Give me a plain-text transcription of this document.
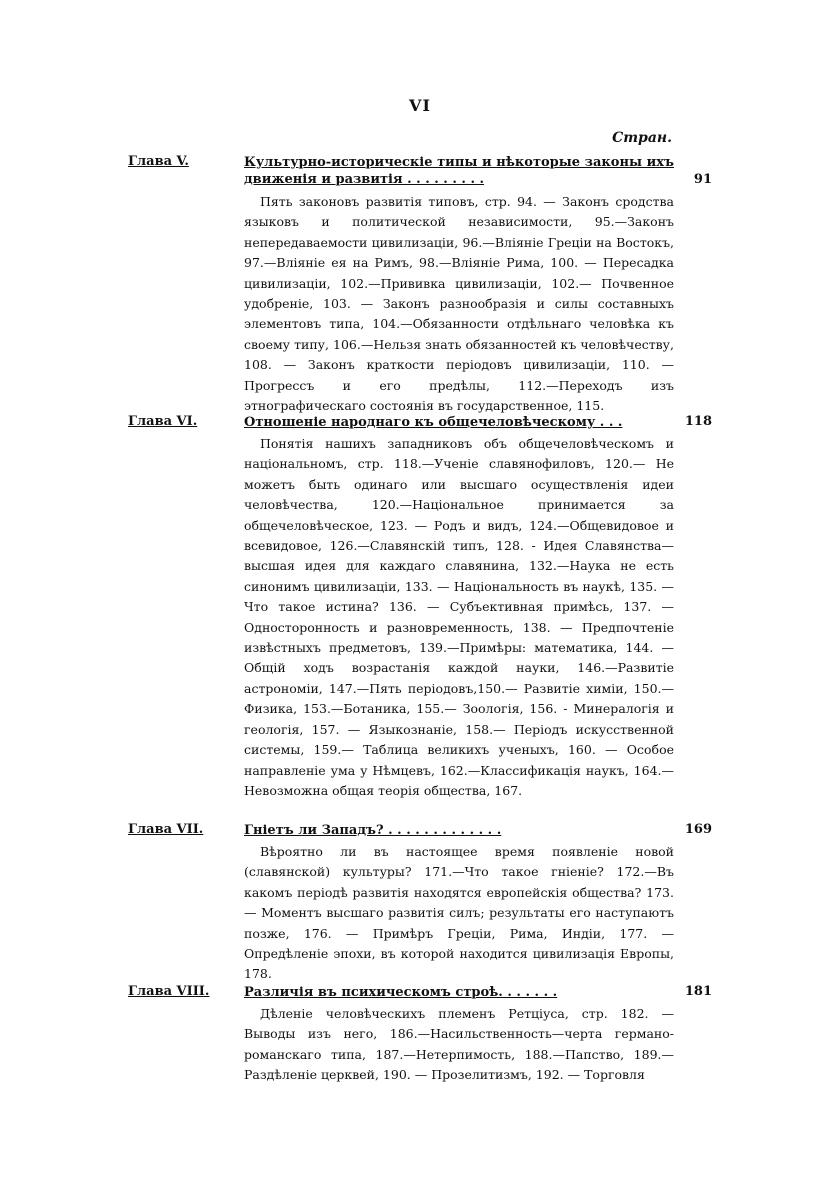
VI
Стран.
Глава V.	Культурно-историческіе типы и нѣкоторые законы ихъ движенія и развитія . . . . . . . . .	91
Пять законовъ развитія типовъ, стр. 94. — Законъ сродства языковъ и политической независимости, 95.—Законъ непередаваемости цивилизаціи, 96.—Вліяніе Греціи на Востокъ, 97.—Вліяніе ея на Римъ, 98.—Вліяніе Рима, 100. — Пересадка цивилизаціи, 102.—Прививка цивилизаціи, 102.— Почвенное удобреніе, 103. — Законъ разнообразія и силы составныхъ элементовъ типа, 104.—Обязанности отдѣльнаго человѣка къ своему типу, 106.—Нельзя знать обязанностей къ человѣчеству, 108. — Законъ краткости періодовъ цивилизаціи, 110. — Прогрессъ и его предѣлы, 112.—Переходъ изъ этнографическаго состоянія въ государственное, 115.
Глава VI.	Отношеніе народнаго къ общечеловѣческому . . .	118
Понятія нашихъ западниковъ объ общечеловѣческомъ и національномъ, стр. 118.—Ученіе славянофиловъ, 120.— Не можетъ быть одинаго или высшаго осуществленія идеи человѣчества, 120.—Національное принимается за общечеловѣческое, 123. — Родъ и видъ, 124.—Общевидовое и всевидовое, 126.—Славянскій типъ, 128. - Идея Славянства— высшая идея для каждаго славянина, 132.—Наука не есть синонимъ цивилизаціи, 133. — Національность въ наукѣ, 135. — Что такое истина? 136. — Субъективная примѣсь, 137. — Односторонность и разновременность, 138. — Предпочтеніе извѣстныхъ предметовъ, 139.—Примѣры: математика, 144. — Общій ходъ возрастанія каждой науки, 146.—Развитіе астрономіи, 147.—Пять періодовъ,150.— Развитіе химіи, 150.—Физика, 153.—Ботаника, 155.— Зоологія, 156. - Минералогія и геологія, 157. — Языкознаніе, 158.— Періодъ искусственной системы, 159.— Таблица великихъ ученыхъ, 160. — Особое направленіе ума у Нѣмцевъ, 162.—Классификація наукъ, 164.—Невозможна общая теорія общества, 167.
Глава VII.	Гніетъ ли Западъ? . . . . . . . . . . . . .	169
Вѣроятно ли въ настоящее время появленіе новой (славянской) культуры? 171.—Что такое гніеніе? 172.—Въ какомъ періодѣ развитія находятся европейскія общества? 173. — Моментъ высшаго развитія силъ; результаты его наступаютъ позже, 176. — Примѣръ Греціи, Рима, Индіи, 177. — Опредѣленіе эпохи, въ которой находится цивилизація Европы, 178.
Глава VIII.	Различія въ психическомъ строѣ. . . . . . .	181
Дѣленіе человѣческихъ племенъ Ретціуса, стр. 182. — Выводы изъ него, 186.—Насильственность—черта германо-романскаго типа, 187.—Нетерпимость, 188.—Папство, 189.— Раздѣленіе церквей, 190. — Прозелитизмъ, 192. — Торговля
